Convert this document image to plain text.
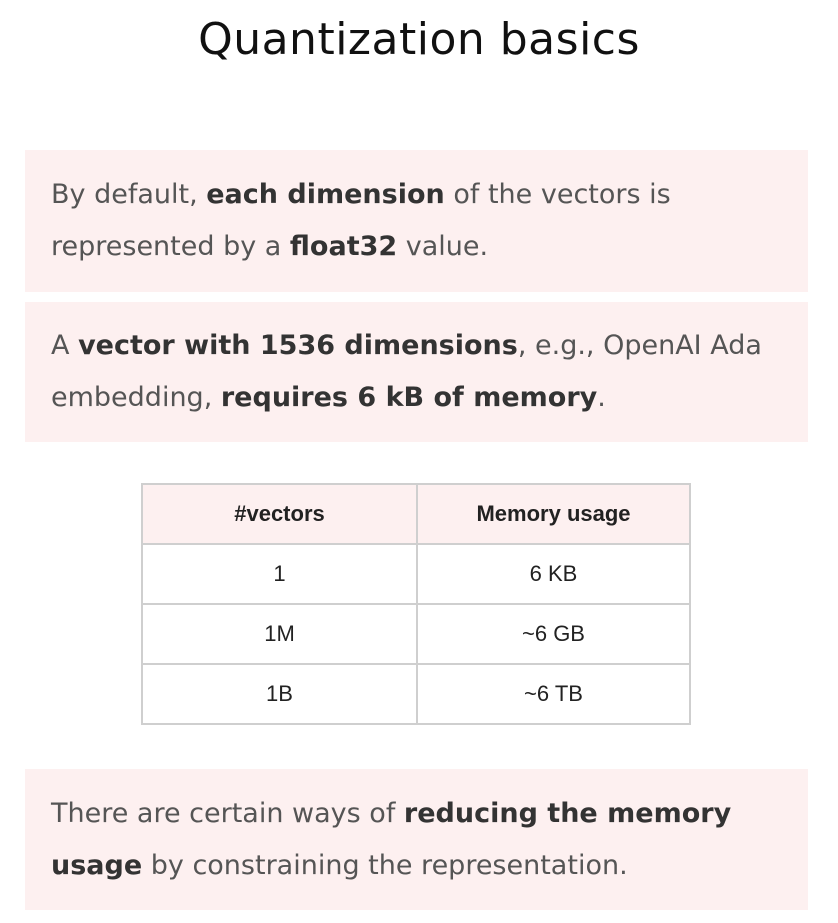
Quantization basics

By default, each dimension of the vectors is represented by a float32 value.

A vector with 1536 dimensions, e.g., OpenAI Ada embedding, requires 6 kB of memory.

#vectors	Memory usage
1	6 KB
1M	~6 GB
1B	~6 TB

There are certain ways of reducing the memory usage by constraining the representation.
